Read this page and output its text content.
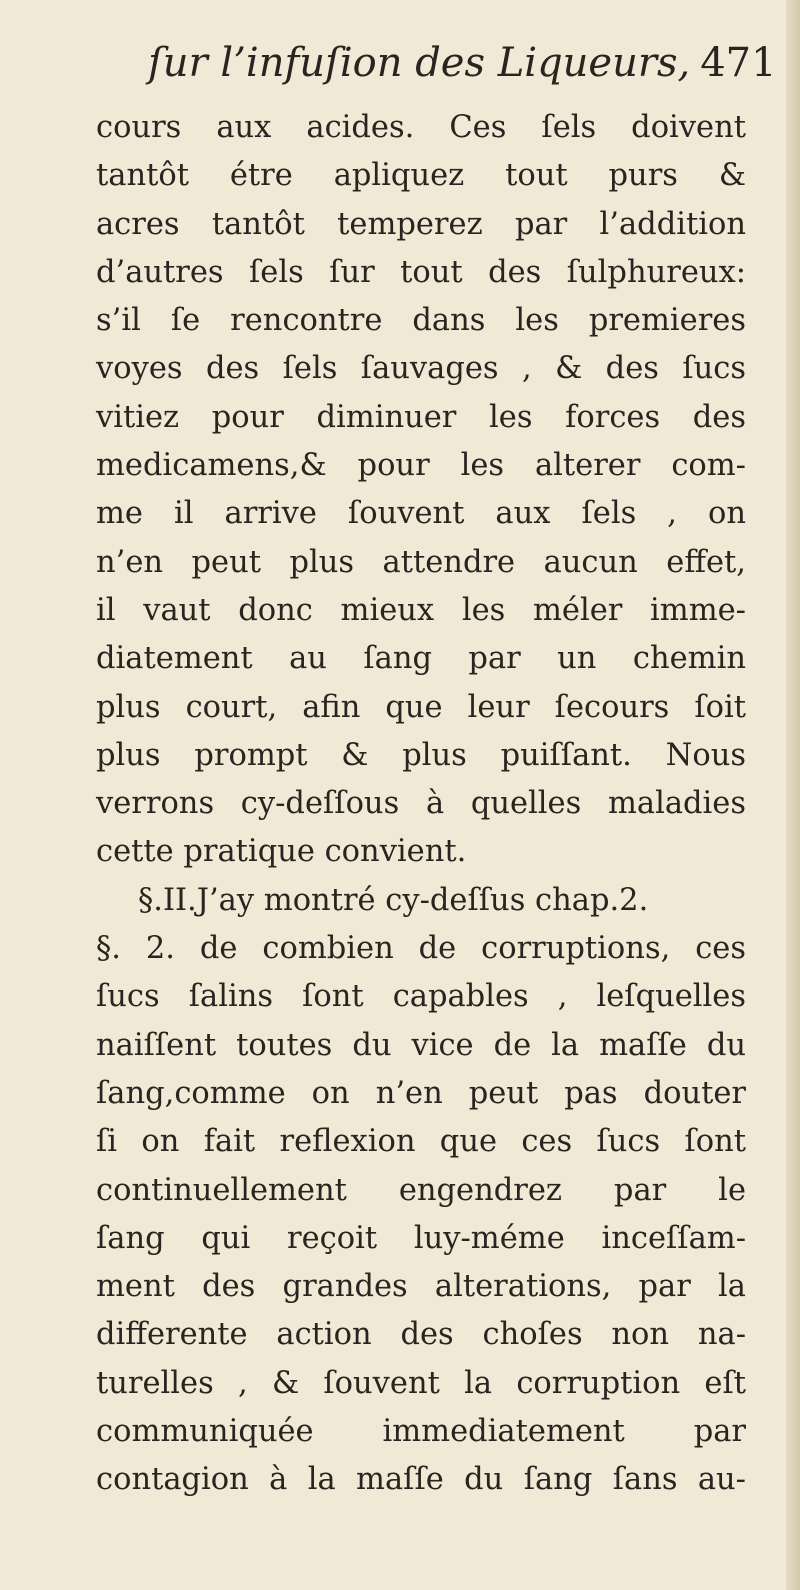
ſur l’infuſion des Liqueurs, 471
cours aux acides. Ces ſels doivent
tantôt étre apliquez tout purs &
acres tantôt temperez par l’addition
d’autres ſels ſur tout des ſulphureux:
s’il ſe rencontre dans les premieres
voyes des ſels ſauvages , & des ſucs
vitiez pour diminuer les forces des
medicamens,& pour les alterer com-
me il arrive ſouvent aux ſels , on
n’en peut plus attendre aucun effet,
il vaut donc mieux les méler imme-
diatement au ſang par un chemin
plus court, afin que leur ſecours ſoit
plus prompt & plus puiſſant. Nous
verrons cy-deſſous à quelles maladies
cette pratique convient.
§.II.J’ay montré cy-deſſus chap.2.
§. 2. de combien de corruptions, ces
ſucs ſalins ſont capables , leſquelles
naiſſent toutes du vice de la maſſe du
ſang,comme on n’en peut pas douter
ſi on fait reflexion que ces ſucs ſont
continuellement engendrez par le
ſang qui reçoit luy-méme inceſſam-
ment des grandes alterations, par la
differente action des choſes non na-
turelles , & ſouvent la corruption eſt
communiquée immediatement par
contagion à la maſſe du ſang ſans au-
